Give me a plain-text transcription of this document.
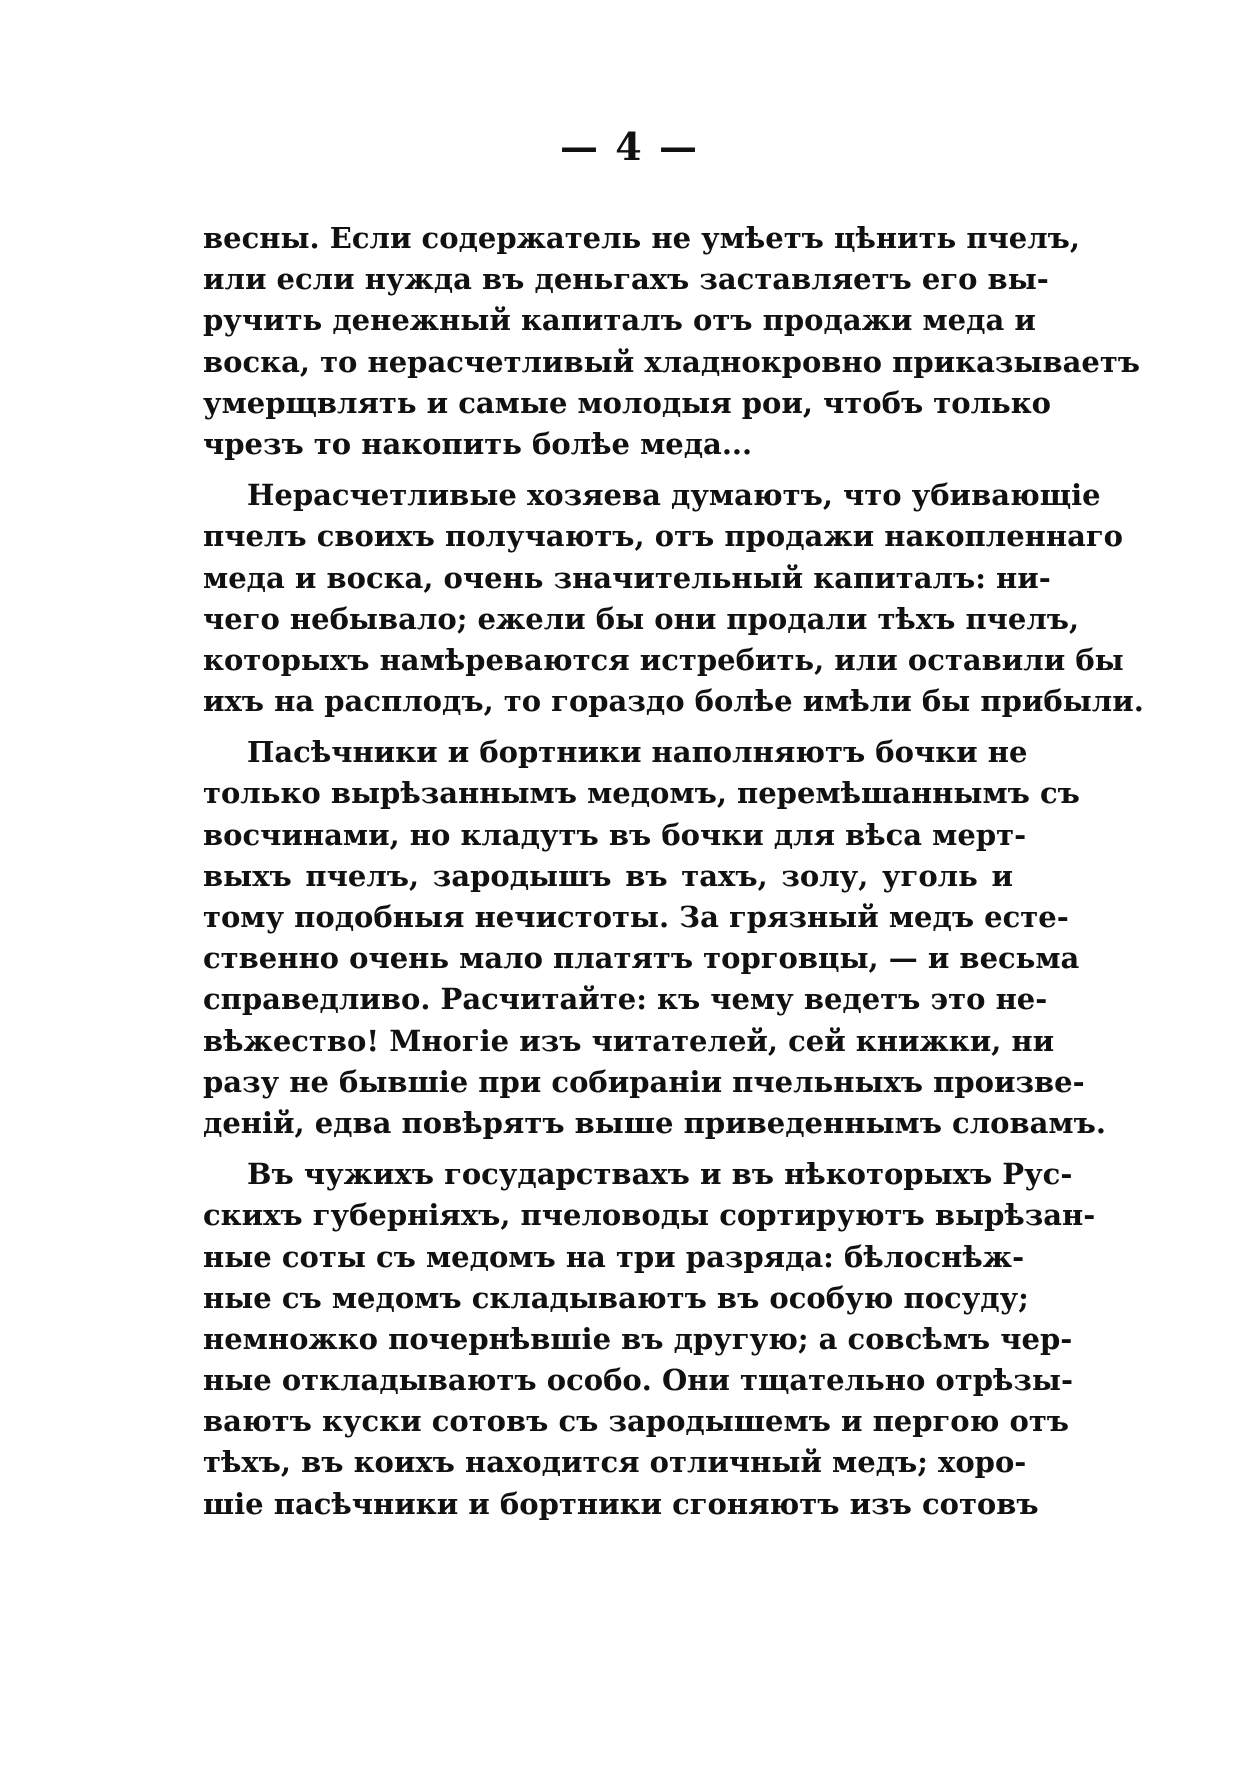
— 4 —
весны. Если содержатель не умѣетъ цѣнить пчелъ,
или если нужда въ деньгахъ заставляетъ его вы-
ручить денежный капиталъ отъ продажи меда и
воска, то нерасчетливый хладнокровно приказываетъ
умерщвлять и самые молодыя рои, чтобъ только
чрезъ то накопить болѣе меда...
Нерасчетливые хозяева думаютъ, что убивающіе
пчелъ своихъ получаютъ, отъ продажи накопленнаго
меда и воска, очень значительный капиталъ: ни-
чего небывало; ежели бы они продали тѣхъ пчелъ,
которыхъ намѣреваются истребить, или оставили бы
ихъ на расплодъ, то гораздо болѣе имѣли бы прибыли.
Пасѣчники и бортники наполняютъ бочки не
только вырѣзаннымъ медомъ, перемѣшаннымъ съ
восчинами, но кладутъ въ бочки для вѣса мерт-
выхъ пчелъ, зародышъ въ тахъ, золу, уголь и
тому подобныя нечистоты. За грязный медъ есте-
ственно очень мало платятъ торговцы, — и весьма
справедливо. Расчитайте: къ чему ведетъ это не-
вѣжество! Многіе изъ читателей, сей книжки, ни
разу не бывшіе при собираніи пчельныхъ произве-
деній, едва повѣрятъ выше приведеннымъ словамъ.
Въ чужихъ государствахъ и въ нѣкоторыхъ Рус-
скихъ губерніяхъ, пчеловоды сортируютъ вырѣзан-
ные соты съ медомъ на три разряда: бѣлоснѣж-
ные съ медомъ складываютъ въ особую посуду;
немножко почернѣвшіе въ другую; а совсѣмъ чер-
ные откладываютъ особо. Они тщательно отрѣзы-
ваютъ куски сотовъ съ зародышемъ и пергою отъ
тѣхъ, въ коихъ находится отличный медъ; хоро-
шіе пасѣчники и бортники сгоняютъ изъ сотовъ
